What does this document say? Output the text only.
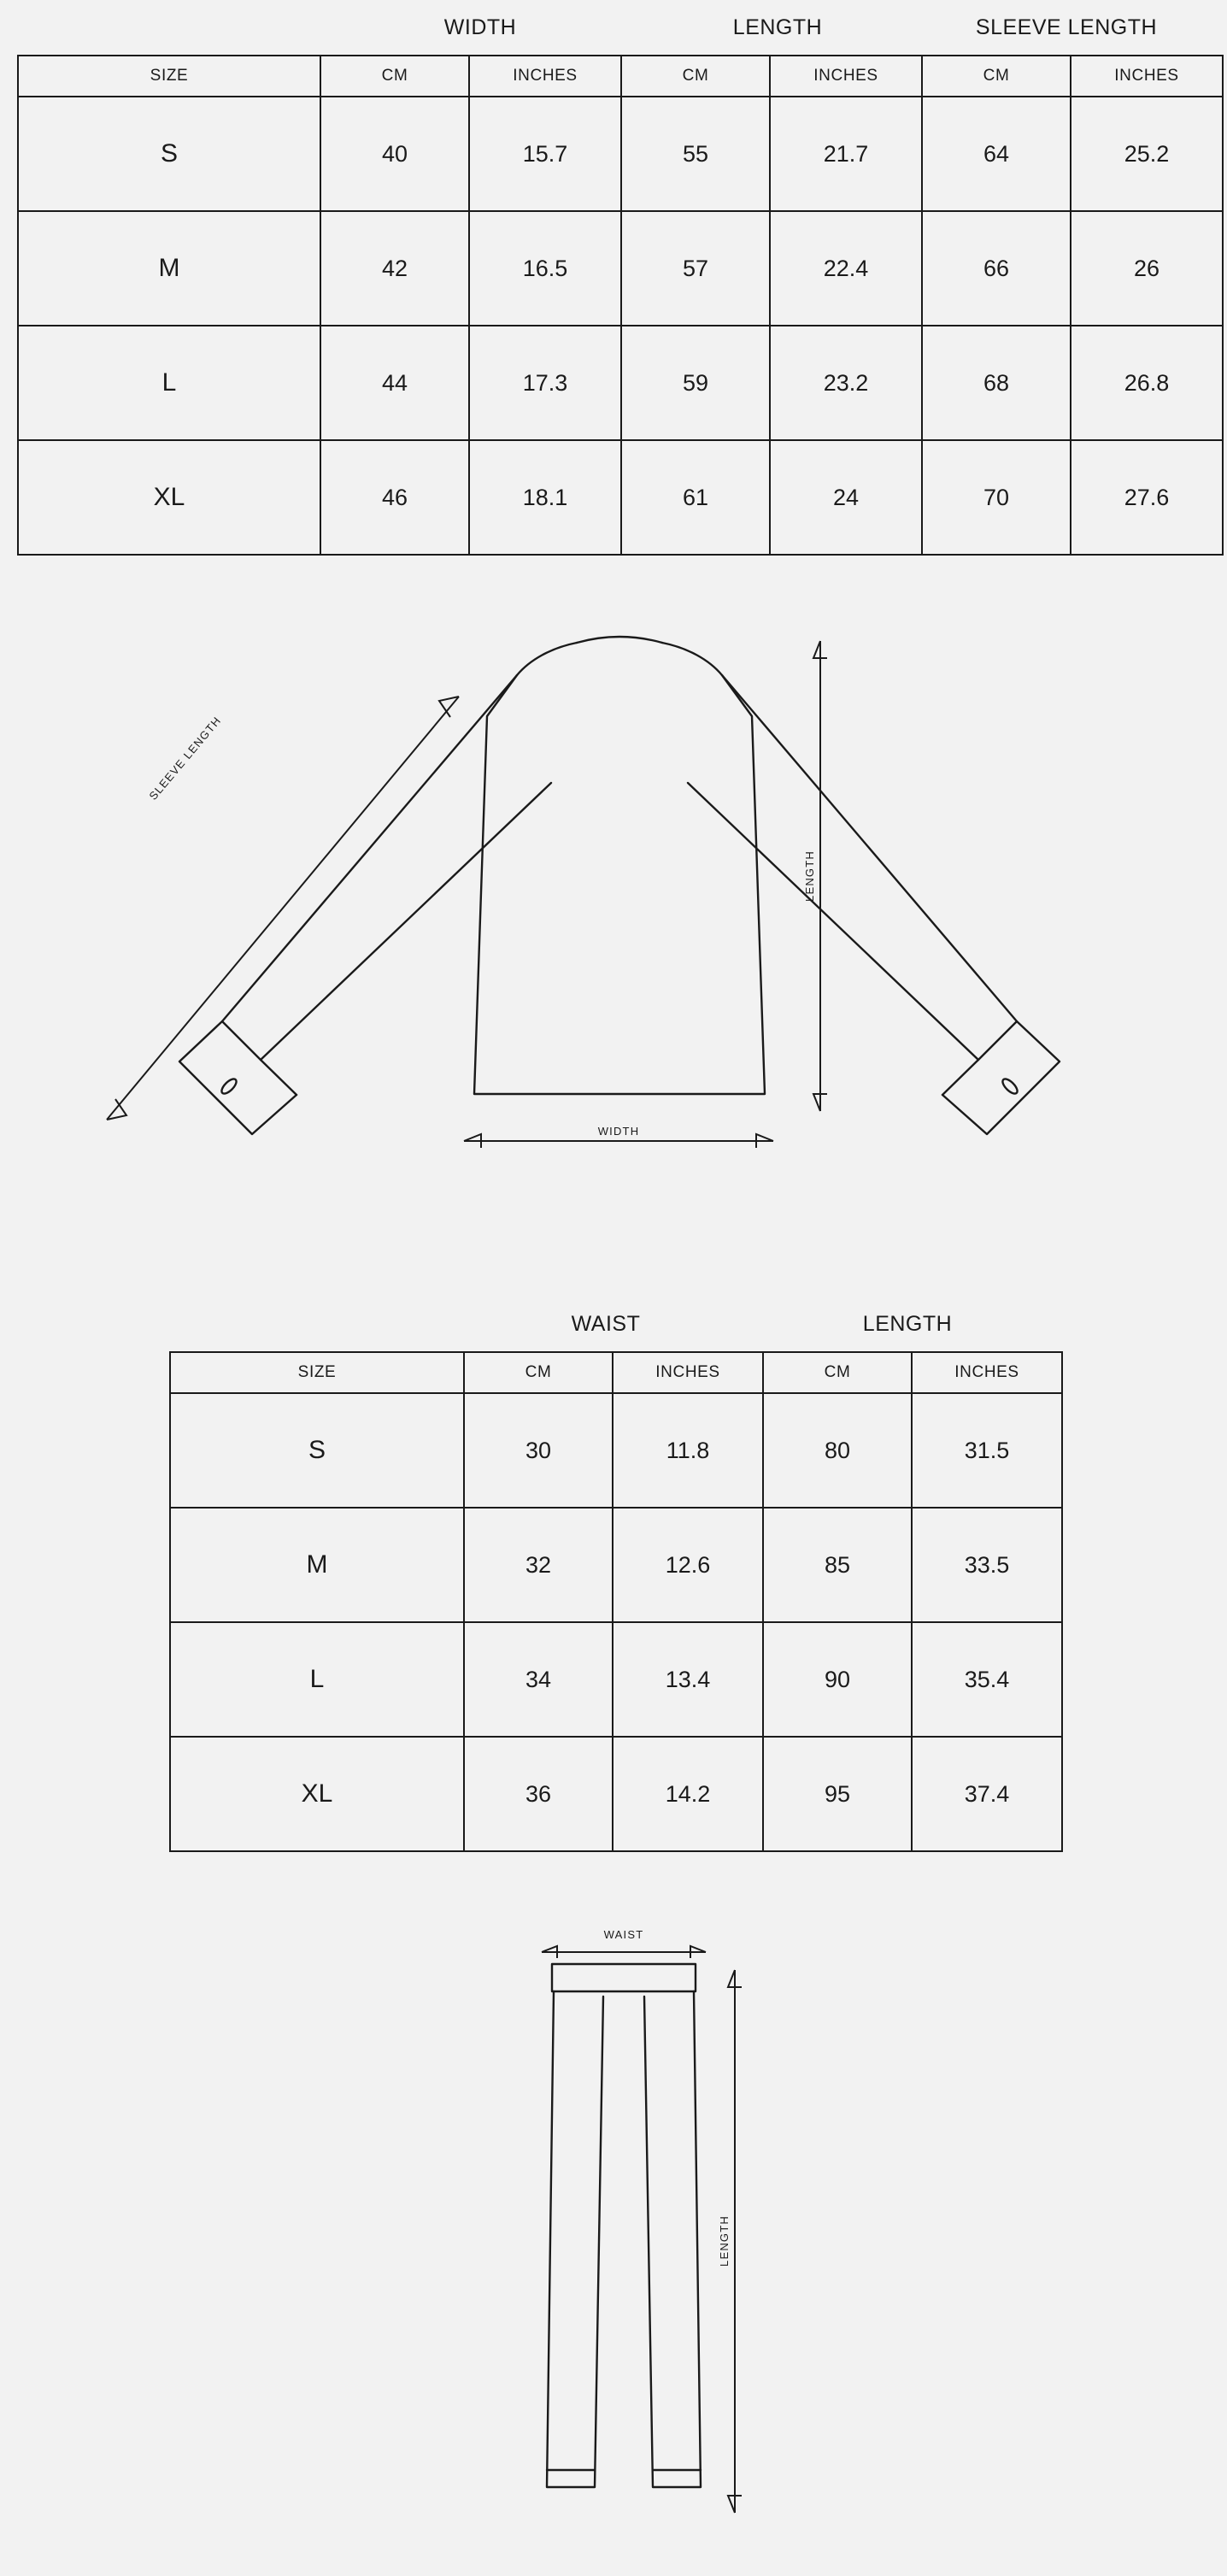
WIDTH	LENGTH	SLEEVE LENGTH
SIZE	CM	INCHES	CM	INCHES	CM	INCHES
S	40	15.7	55	21.7	64	25.2
M	42	16.5	57	22.4	66	26
L	44	17.3	59	23.2	68	26.8
XL	46	18.1	61	24	70	27.6
SLEEVE LENGTH
LENGTH
WIDTH
WAIST	LENGTH
SIZE	CM	INCHES	CM	INCHES
S	30	11.8	80	31.5
M	32	12.6	85	33.5
L	34	13.4	90	35.4
XL	36	14.2	95	37.4
WAIST
LENGTH
